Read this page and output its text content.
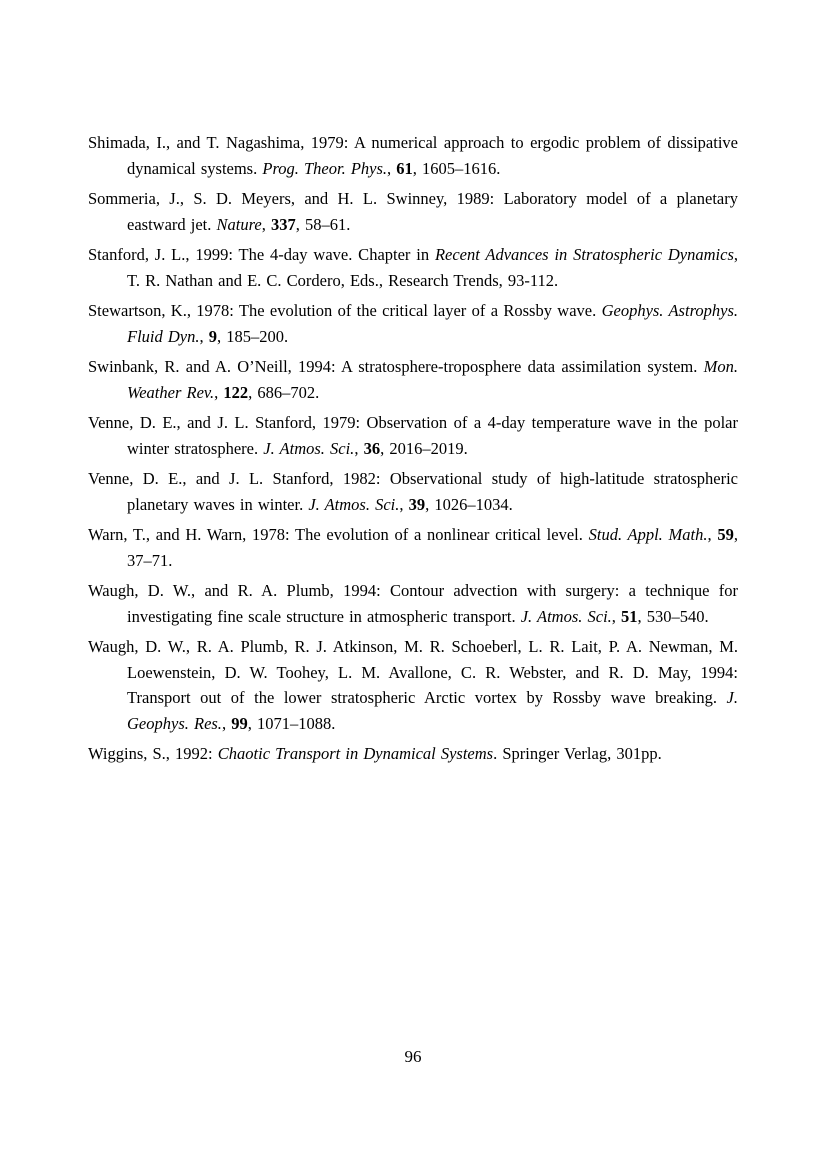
Shimada, I., and T. Nagashima, 1979: A numerical approach to ergodic problem of dissipative dynamical systems. Prog. Theor. Phys., 61, 1605–1616.

Sommeria, J., S. D. Meyers, and H. L. Swinney, 1989: Laboratory model of a planetary eastward jet. Nature, 337, 58–61.

Stanford, J. L., 1999: The 4-day wave. Chapter in Recent Advances in Stratospheric Dynamics, T. R. Nathan and E. C. Cordero, Eds., Research Trends, 93-112.

Stewartson, K., 1978: The evolution of the critical layer of a Rossby wave. Geophys. Astrophys. Fluid Dyn., 9, 185–200.

Swinbank, R. and A. O’Neill, 1994: A stratosphere-troposphere data assimilation system. Mon. Weather Rev., 122, 686–702.

Venne, D. E., and J. L. Stanford, 1979: Observation of a 4-day temperature wave in the polar winter stratosphere. J. Atmos. Sci., 36, 2016–2019.

Venne, D. E., and J. L. Stanford, 1982: Observational study of high-latitude stratospheric planetary waves in winter. J. Atmos. Sci., 39, 1026–1034.

Warn, T., and H. Warn, 1978: The evolution of a nonlinear critical level. Stud. Appl. Math., 59, 37–71.

Waugh, D. W., and R. A. Plumb, 1994: Contour advection with surgery: a technique for investigating fine scale structure in atmospheric transport. J. Atmos. Sci., 51, 530–540.

Waugh, D. W., R. A. Plumb, R. J. Atkinson, M. R. Schoeberl, L. R. Lait, P. A. Newman, M. Loewenstein, D. W. Toohey, L. M. Avallone, C. R. Webster, and R. D. May, 1994: Transport out of the lower stratospheric Arctic vortex by Rossby wave breaking. J. Geophys. Res., 99, 1071–1088.

Wiggins, S., 1992: Chaotic Transport in Dynamical Systems. Springer Verlag, 301pp.

96
